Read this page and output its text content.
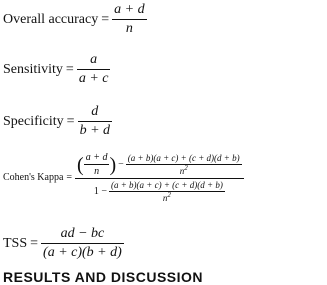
Overall accuracy = $\frac{a + d}{n}$
Sensitivity = $\frac{a}{a + c}$
Specificity = $\frac{d}{b + d}$
Cohen's Kappa =
( $\frac{a + d}{n}$ ) − $\frac{(a + b)(a + c) + (c + d)(d + b)}{n^2}$
$1 - \frac{(a + b)(a + c) + (c + d)(d + b)}{n^2}$
TSS = $\frac{ad - bc}{(a + c)(b + d)}$
RESULTS AND DISCUSSION
